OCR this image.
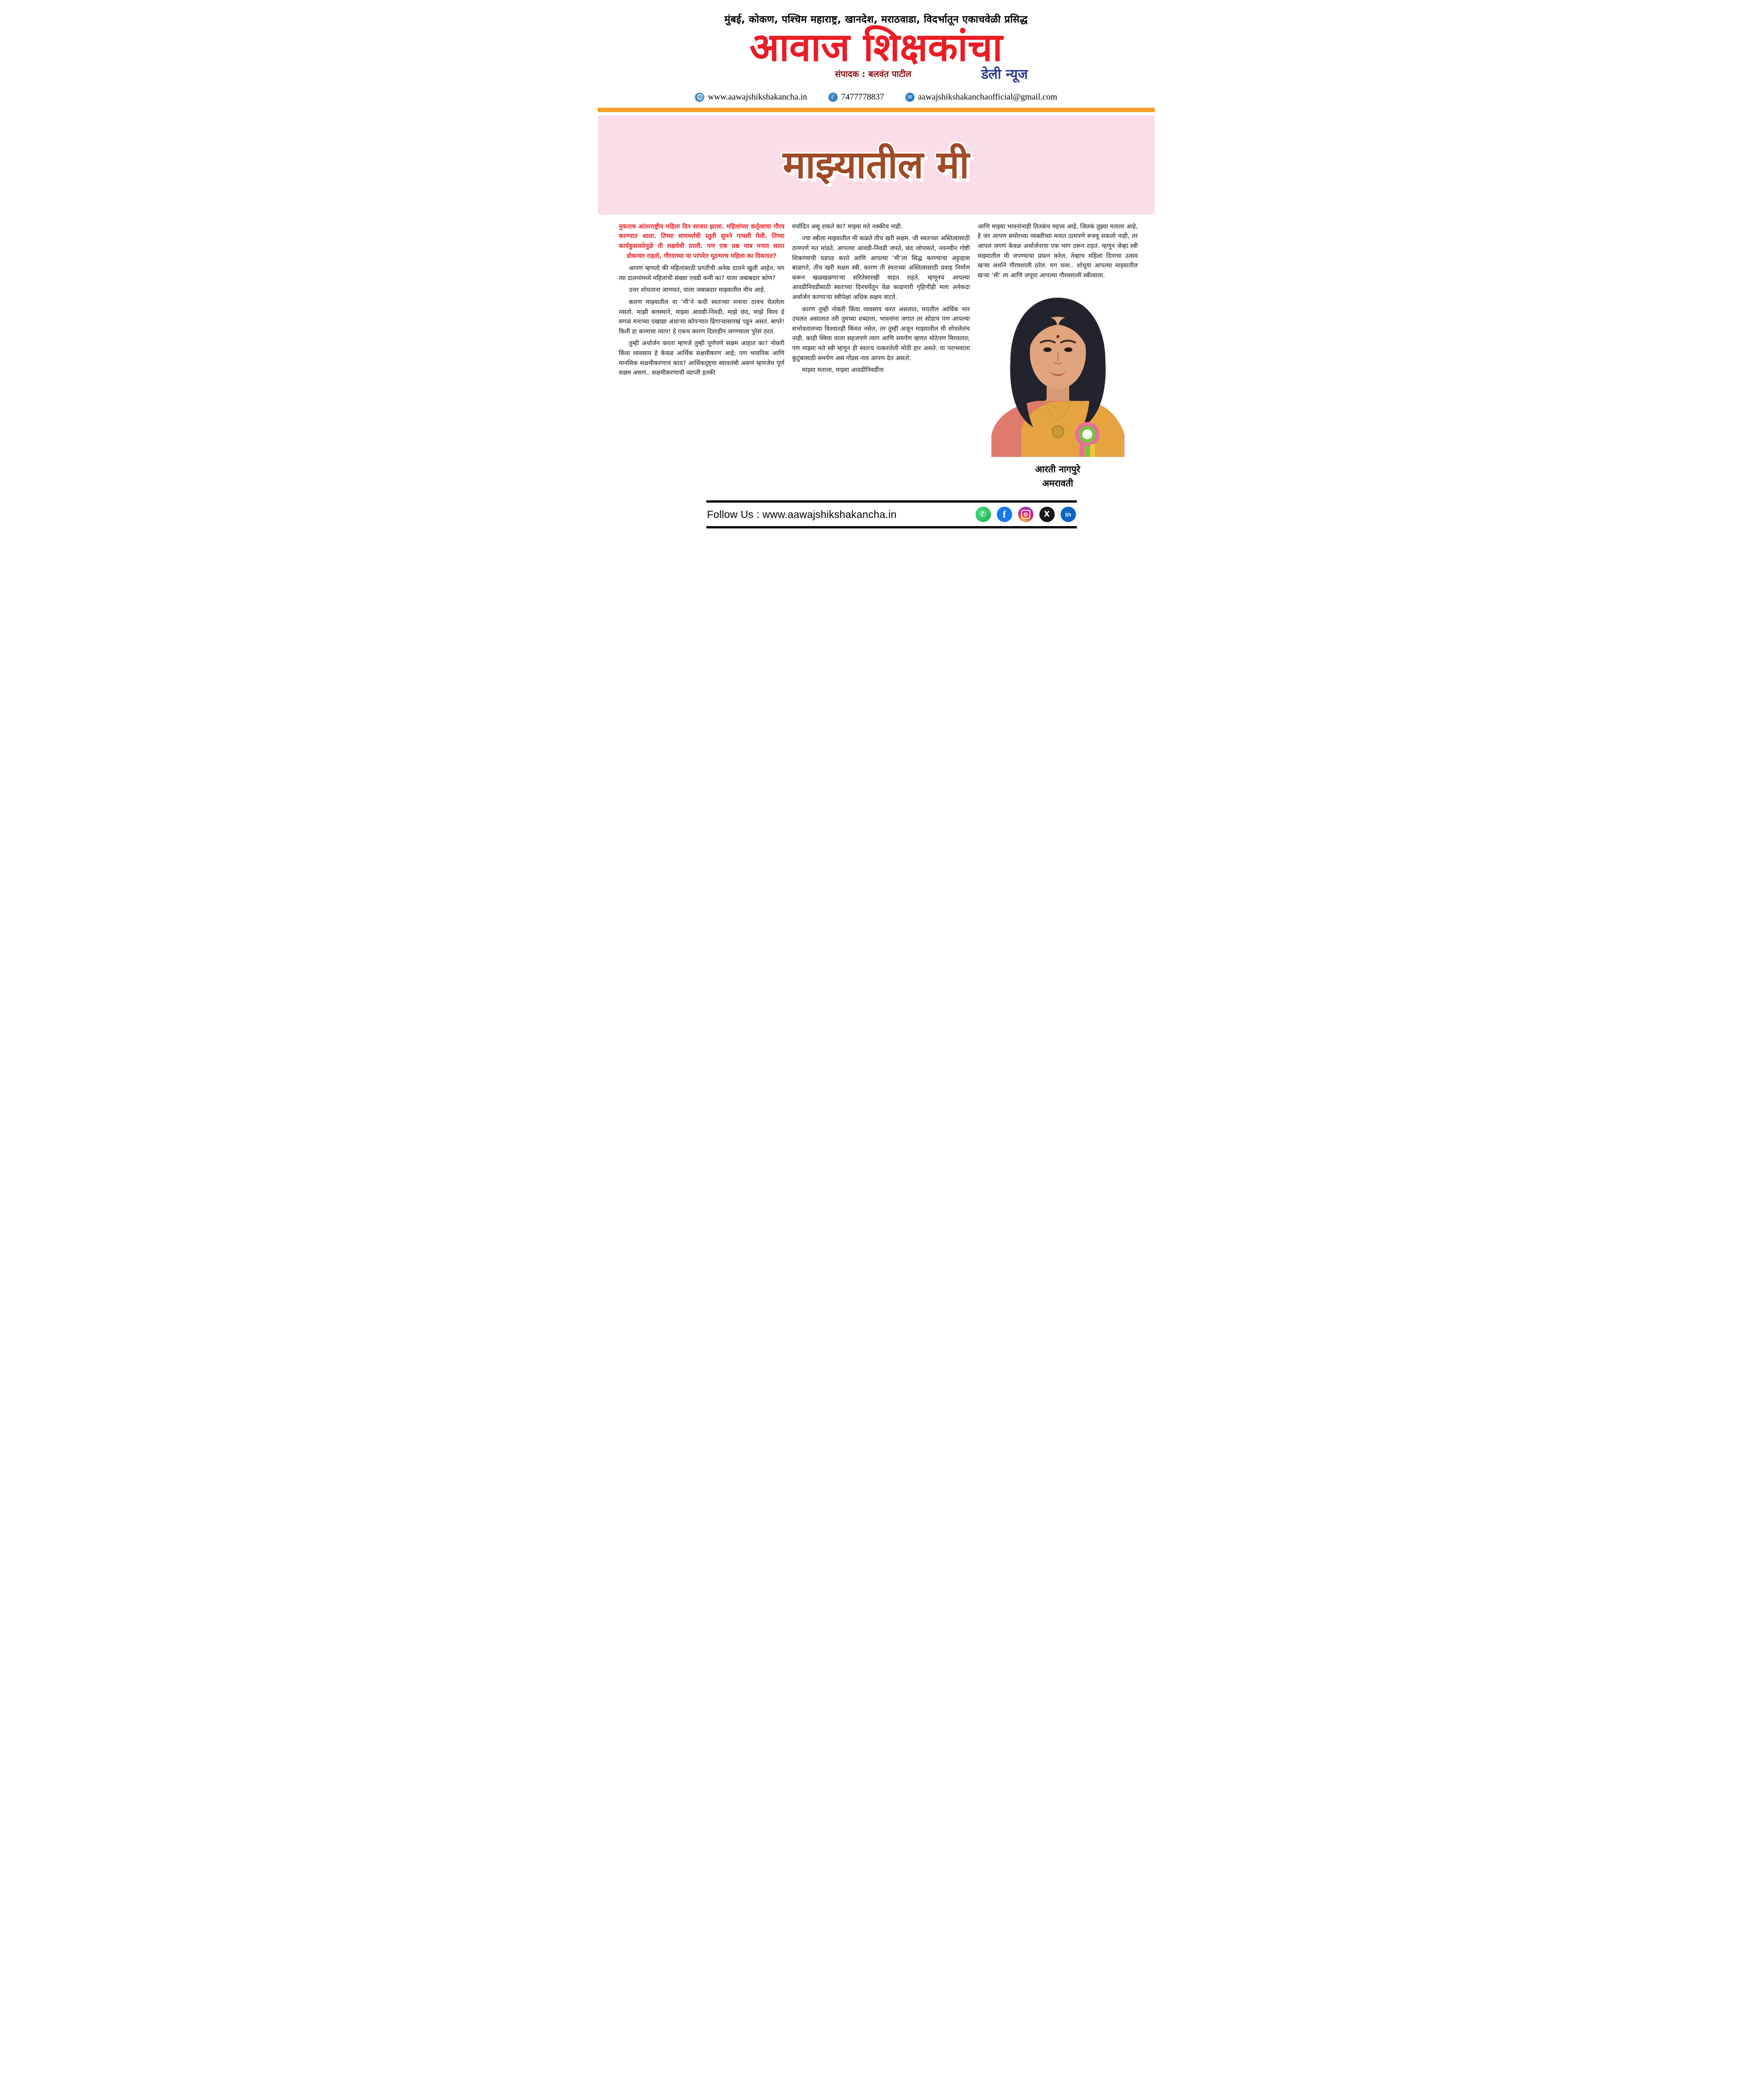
मुंबई, कोकण, पश्चिम महाराष्ट्र, खानदेश, मराठवाडा, विदर्भातून एकाचवेळी प्रसिद्ध
आवाज शिक्षकांचा
संपादक : बलवंत पाटील	डेली न्यूज
www.aawajshikshakancha.in	✆ 7477778837	✉ aawajshikshakanchaofficial@gmail.com
माझ्यातील मी

नुकताच आंतरराष्ट्रीय महिला दिन साजरा झाला. महिलांच्या कर्तृत्वाचा गौरव करण्यात आला. तिच्या सामर्थ्याची स्तुती सुमने गायली गेली. तिच्या कार्यकुशलतेमुळे ती लक्षवेधी ठरली. पण एक प्रश्न मात्र मनात सतत डोकावत राहतो, गौरवाच्या या परंपरेत मूठभरच महिला का दिसतात?

आपण म्हणतो की महिलांसाठी प्रगतीची अनेक दालने खुली आहेत; मग त्या दालनांमध्ये महिलांची संख्या एवढी कमी का? याला जबाबदार कोण?

उत्तर शोधताना जाणवतं, याला जबाबदार माझ्यातील मीच आहे.

कारण माझ्यातील या ‘मी’ने कधी स्वतःच्या मनाचा ठावच घेतलेला नसतो. माझी बलस्थाने, माझ्या आवडी-निवडी, माझे छंद, माझे विश्व हे सगळं मनाच्या एखाद्या अंधाऱ्या कोपऱ्यात ढिगाऱ्यासारखं पडून असतं. बापरे! किती हा कामाचा व्याप! हे एकच कारण दिशाहीन जगण्याला पुरेसं ठरतं.

तुम्ही अर्थार्जन करता म्हणजे तुम्ही पूर्णपणे सक्षम आहात का? नोकरी किंवा व्यवसाय हे केवळ आर्थिक सक्षमीकरण आहे; पण भावनिक आणि मानसिक सक्षमीकरणाचं काय? आर्थिकदृष्ट्या स्वावलंबी असणं म्हणजेच पूर्ण सक्षम असणं.. सक्षमीकरणाची व्याप्ती इतकी

मर्यादित असू शकते का? माझ्या मते नक्कीच नाही.

ज्या स्त्रीला माझ्यातील मी कळते तीच खरी सक्षम. जी स्वतःच्या अस्तित्वासाठी ठामपणे मत मांडते, आपल्या आवडी-निवडी जपते, छंद जोपासते, नवनवीन गोष्टी शिकण्याची धडपड करते आणि आपल्या ‘मी’ला सिद्ध करण्याचा अट्टाहास बाळगते, तीच खरी सक्षम स्त्री. कारण ती स्वतःच्या अस्तित्वासाठी प्रवाह निर्माण करून खळखळणाऱ्या सरितेसारखी वाहत राहते. म्हणूनच आपल्या आवडीनिवडींसाठी स्वतःच्या दिनचर्येतून वेळ काढणारी गृहिणीही मला अनेकदा अर्थार्जन करणाऱ्या स्त्रीपेक्षा अधिक सक्षम वाटते.

कारण तुम्ही नोकरी किंवा व्यवसाय करत असलात, घरातील आर्थिक भार उचलत असालात तरी तुमच्या शब्दाला, भावनांना जगात तर सोडाच पण आपल्या सभोवतालच्या विश्वातही किंमत नसेल, तर तुम्ही अजून माझ्यातील मी शोधलेलंच नाही. काही स्त्रिया याला सहजपणे त्याग आणि समर्पण म्हणत मोठेपण मिरवतात; पण माझ्या मते स्त्री म्हणून ही स्वतःच पत्करलेली मोठी हार असते. या पराभवाला कुटुंबासाठी समर्पण असं गोंडस नाव आपण देत असतो.

माझ्या मताला, माझ्या आवडीनिवडींना

आणि माझ्या भावनांनाही तितकंच महत्त्व आहे, जितकं तुझ्या मताला आहे, हे जर आपण समोरच्या व्यक्तीच्या मनात ठामपणे रुजवू शकलो नाही, तर आपलं जगणं केवळ अर्थार्जनाचा एक भाग ठरून राहतं. म्हणून जेव्हा स्त्री माझ्यातील मी जपण्याचा प्रयत्न करेल, तेव्हाच महिला दिनाचा उत्सव खऱ्या अर्थाने गौरवशाली ठरेल. मग चला.. शोधूया आपल्या माझ्यातील खऱ्या ‘मी’ ला आणि जपूया आपल्या गौरवशाली स्त्रीत्वाला.

आरती नागपुरे
अमरावती
Follow Us : www.aawajshikshakancha.in	✆	f	X	in
